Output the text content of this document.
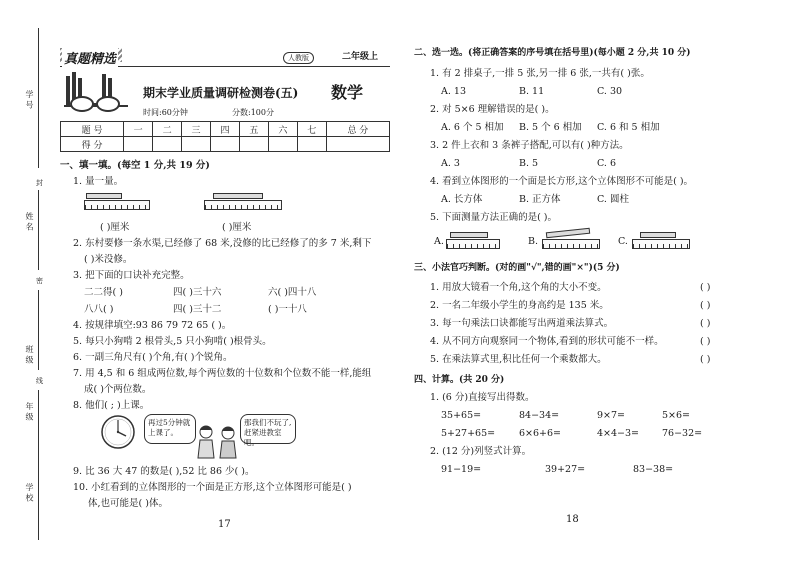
学 号
姓 名
班 级
年 级
学 校
封
密
线
真题精选	人教版	二年级上
期末学业质量调研检测卷(五) 数学
时间:60分钟	分数:100分
题 号	一	二	三	四	五	六	七	总 分
得 分								
一、填一填。(每空 1 分,共 19 分)
1. 量一量。
( )厘米	( )厘米
2. 东村要修一条水渠,已经修了 68 米,没修的比已经修了的多 7 米,剩下
( )米没修。
3. 把下面的口诀补充完整。
二二得( )	四( )三十六	六( )四十八
八八( )	四( )三十二	( )一十八
4. 按规律填空:93 86 79 72 65 ( )。
5. 每只小狗啃 2 根骨头,5 只小狗啃( )根骨头。
6. 一副三角尺有( )个角,有( )个锐角。
7. 用 4,5 和 6 组成两位数,每个两位数的十位数和个位数不能一样,能组
成( )个两位数。
8. 他们( ; )上课。
再过5分钟就上课了。
那我们不玩了,赶紧进教室吧。
9. 比 36 大 47 的数是( ),52 比 86 少( )。
10. 小红看到的立体图形的一个面是正方形,这个立体图形可能是( )
体,也可能是( )体。
17
二、选一选。(将正确答案的序号填在括号里)(每小题 2 分,共 10 分)
1. 有 2 排桌子,一排 5 张,另一排 6 张,一共有( )张。
A. 13	B. 11	C. 30
2. 对 5×6 理解错误的是( )。
A. 6 个 5 相加 B. 5 个 6 相加 C. 6 和 5 相加
3. 2 件上衣和 3 条裤子搭配,可以有( )种方法。
A. 3	B. 5	C. 6
4. 看到立体图形的一个面是长方形,这个立体图形不可能是( )。
A. 长方体	B. 正方体	C. 圆柱
5. 下面测量方法正确的是( )。
A.	B.	C.
三、小法官巧判断。(对的画"√",错的画"×")(5 分)
1. 用放大镜看一个角,这个角的大小不变。	( )
2. 一名二年级小学生的身高约是 135 米。	( )
3. 每一句乘法口诀都能写出两道乘法算式。	( )
4. 从不同方向观察同一个物体,看到的形状可能不一样。	( )
5. 在乘法算式里,积比任何一个乘数都大。	( )
四、计算。(共 20 分)
1. (6 分)直接写出得数。
35+65=	84−34=	9×7=	5×6=
5+27+65=	6×6+6=	4×4−3= 76−32=
2. (12 分)列竖式计算。
91−19=	39+27=	83−38=
18
